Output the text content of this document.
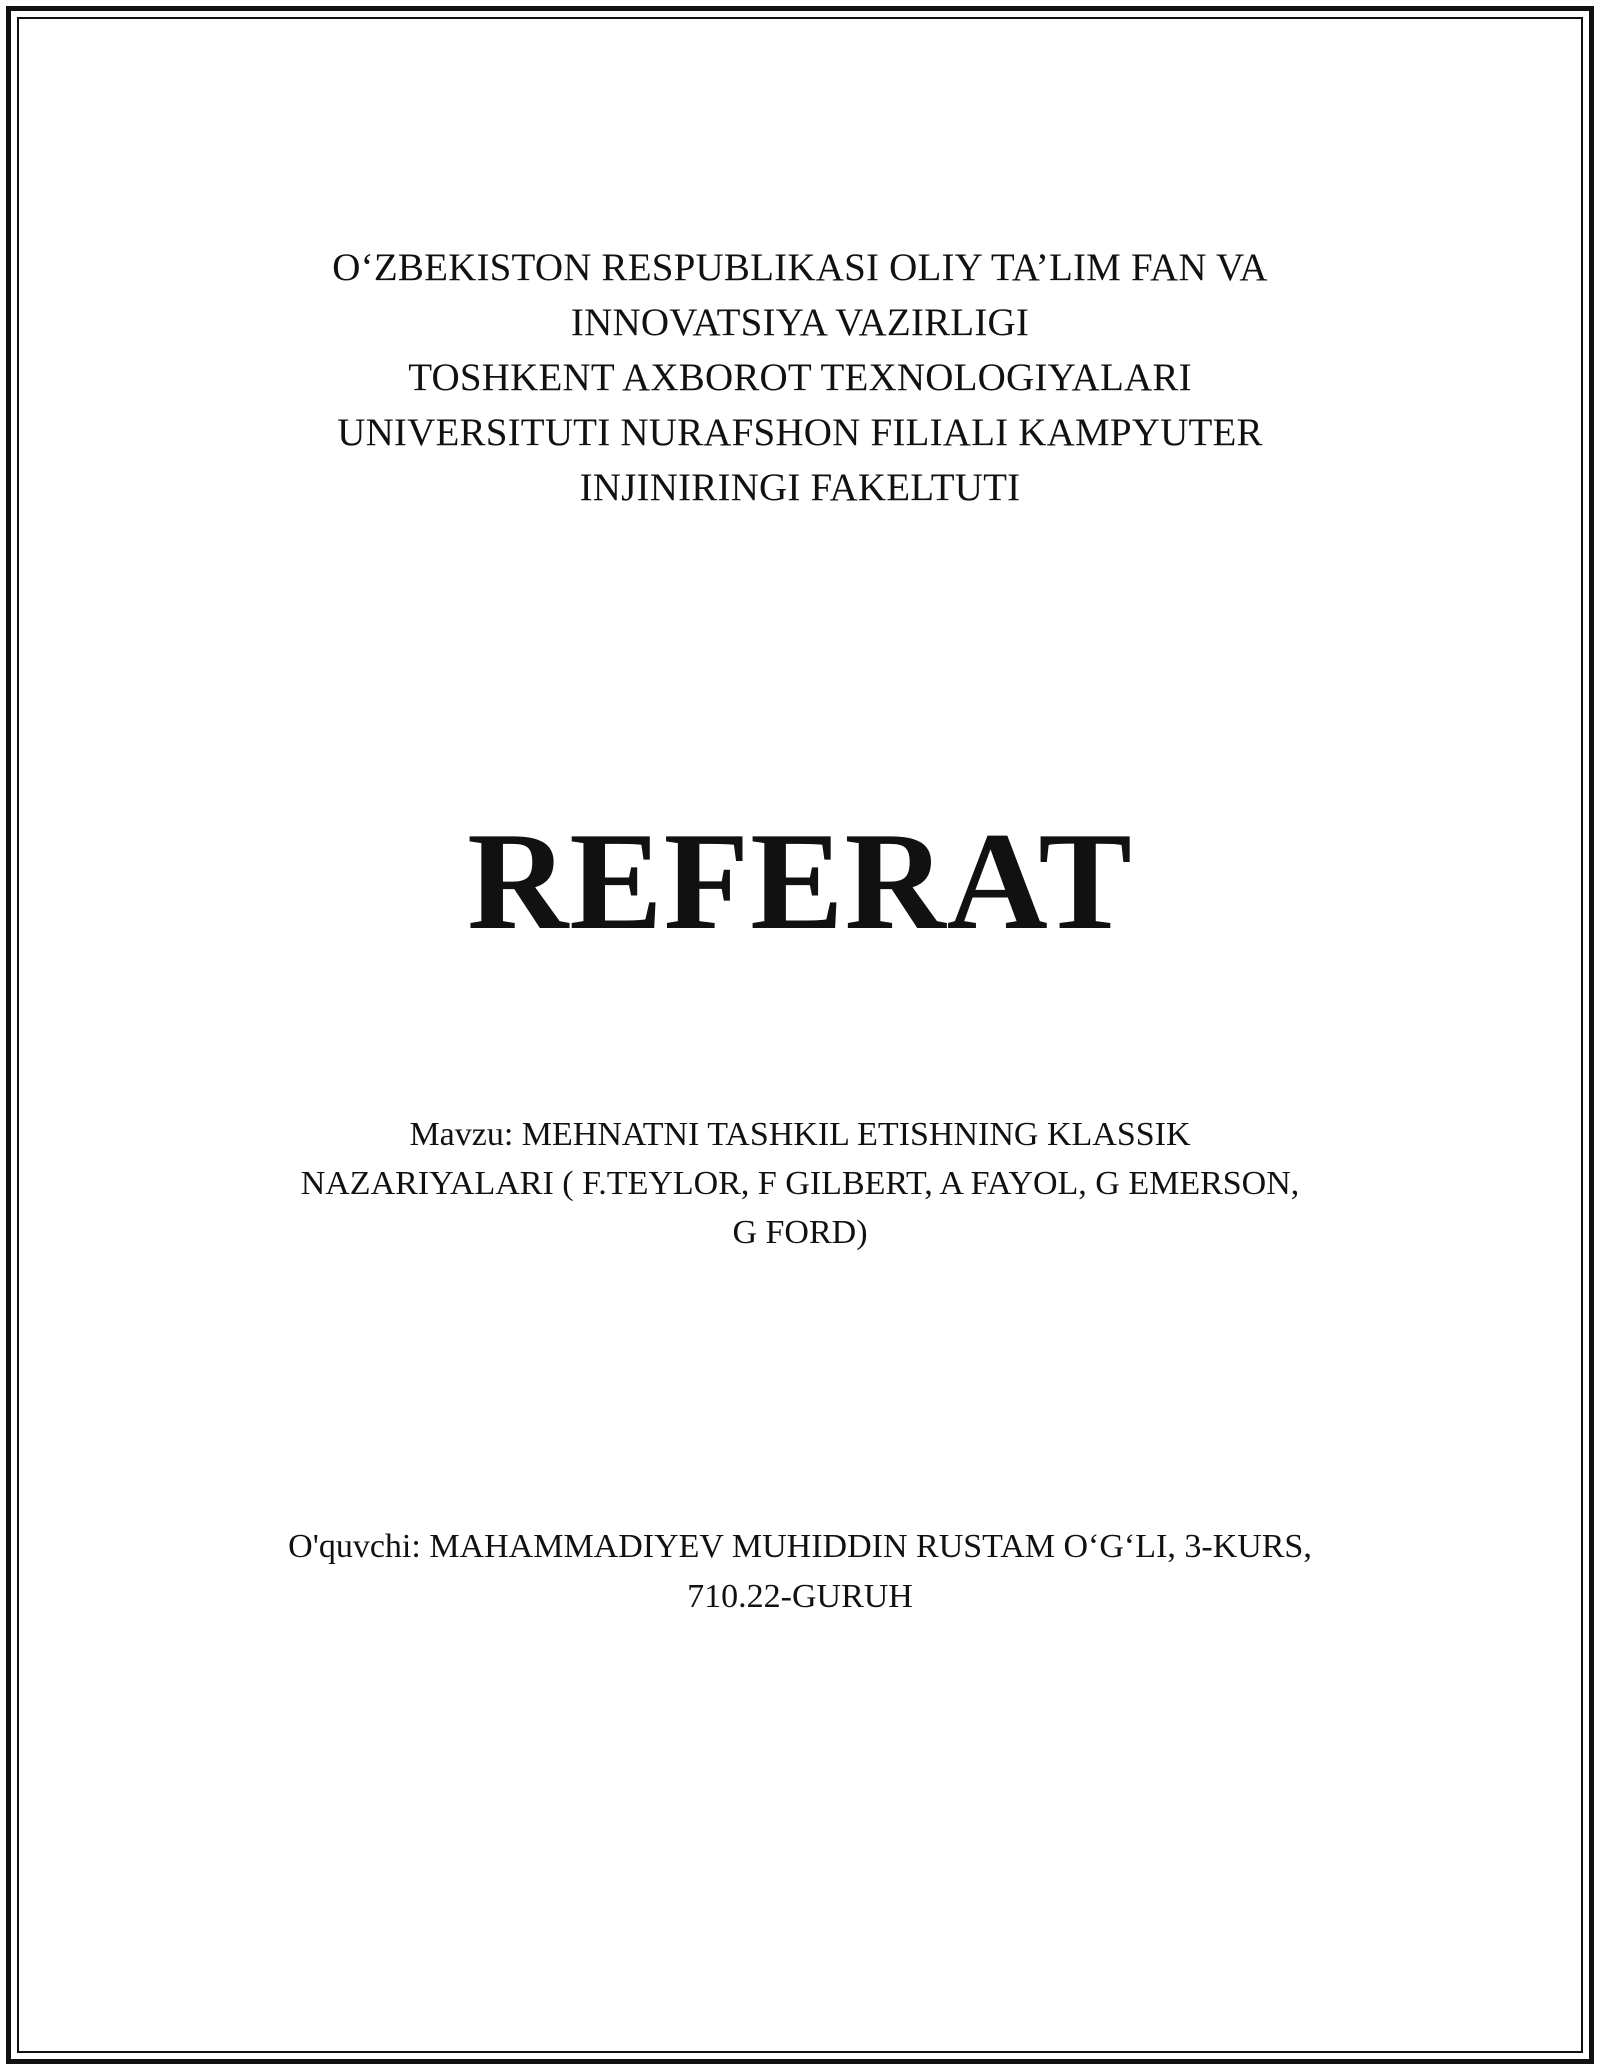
O‘ZBEKISTON RESPUBLIKASI OLIY TA’LIM FAN VA
INNOVATSIYA VAZIRLIGI
TOSHKENT AXBOROT TEXNOLOGIYALARI
UNIVERSITUTI NURAFSHON FILIALI KAMPYUTER
INJINIRINGI FAKELTUTI
REFERAT
Mavzu: MEHNATNI TASHKIL ETISHNING KLASSIK
NAZARIYALARI ( F.TEYLOR, F GILBERT, A FAYOL, G EMERSON,
G FORD)
O'quvchi: MAHAMMADIYEV MUHIDDIN RUSTAM O‘G‘LI, 3-KURS,
710.22-GURUH
